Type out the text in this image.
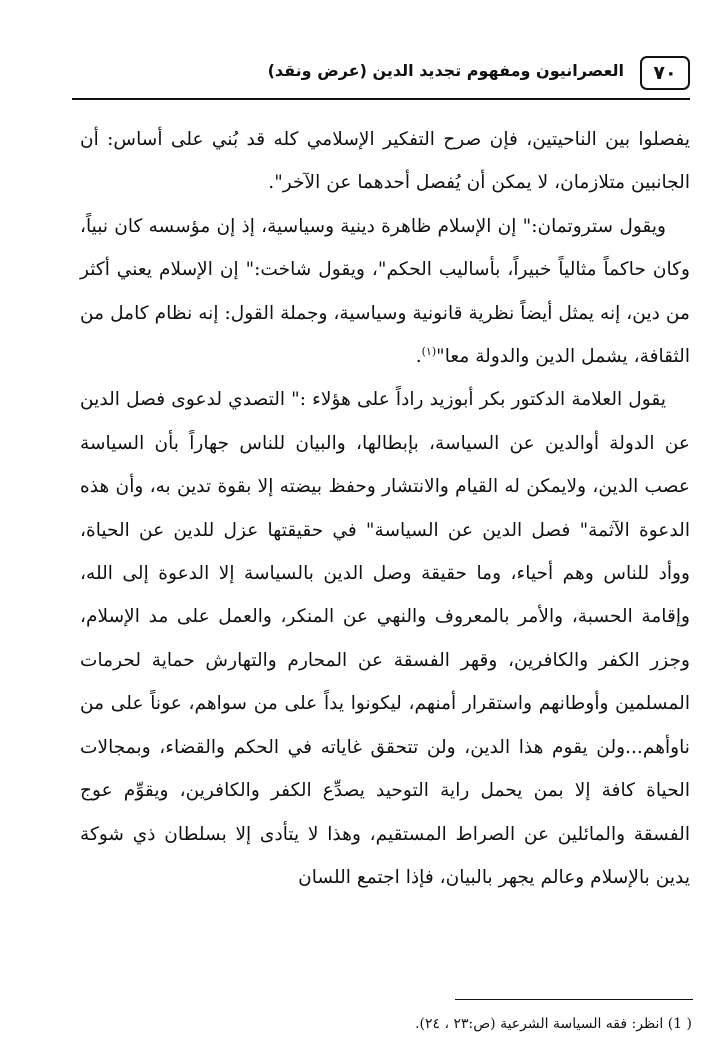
٧٠
العصرانيون ومفهوم تجديد الدين (عرض ونقد)

يفصلوا بين الناحيتين، فإن صرح التفكير الإسلامي كله قد بُني على أساس: أن الجانبين متلازمان، لا يمكن أن يُفصل أحدهما عن الآخر".

ويقول ستروتمان:" إن الإسلام ظاهرة دينية وسياسية، إذ إن مؤسسه كان نبياً، وكان حاكماً مثالياً خبيراً، بأساليب الحكم"، ويقول شاخت:" إن الإسلام يعني أكثر من دين، إنه يمثل أيضاً نظرية قانونية وسياسية، وجملة القول: إنه نظام كامل من الثقافة، يشمل الدين والدولة معا"$^{(١)}$.

يقول العلامة الدكتور بكر أبوزيد راداً على هؤلاء :" التصدي لدعوى فصل الدين عن الدولة أوالدين عن السياسة، بإبطالها، والبيان للناس جهاراً بأن السياسة عصب الدين، ولايمكن له القيام والانتشار وحفظ بيضته إلا بقوة تدين به، وأن هذه الدعوة الآثمة" فصل الدين عن السياسة" في حقيقتها عزل للدين عن الحياة، ووأد للناس وهم أحياء، وما حقيقة وصل الدين بالسياسة إلا الدعوة إلى الله، وإقامة الحسبة، والأمر بالمعروف والنهي عن المنكر، والعمل على مد الإسلام، وجزر الكفر والكافرين، وقهر الفسقة عن المحارم والتهارش حماية لحرمات المسلمين وأوطانهم واستقرار أمنهم، ليكونوا يداً على من سواهم، عوناً على من ناوأهم...ولن يقوم هذا الدين، ولن تتحقق غاياته في الحكم والقضاء، وبمجالات الحياة كافة إلا بمن يحمل راية التوحيد يصدِّع الكفر والكافرين، ويقوِّم عوج الفسقة والمائلين عن الصراط المستقيم، وهذا لا يتأدى إلا بسلطان ذي شوكة يدين بالإسلام وعالم يجهر بالبيان، فإذا اجتمع اللسان

( 1) انظر: فقه السياسة الشرعية (ص:٢٣ ، ٢٤).
